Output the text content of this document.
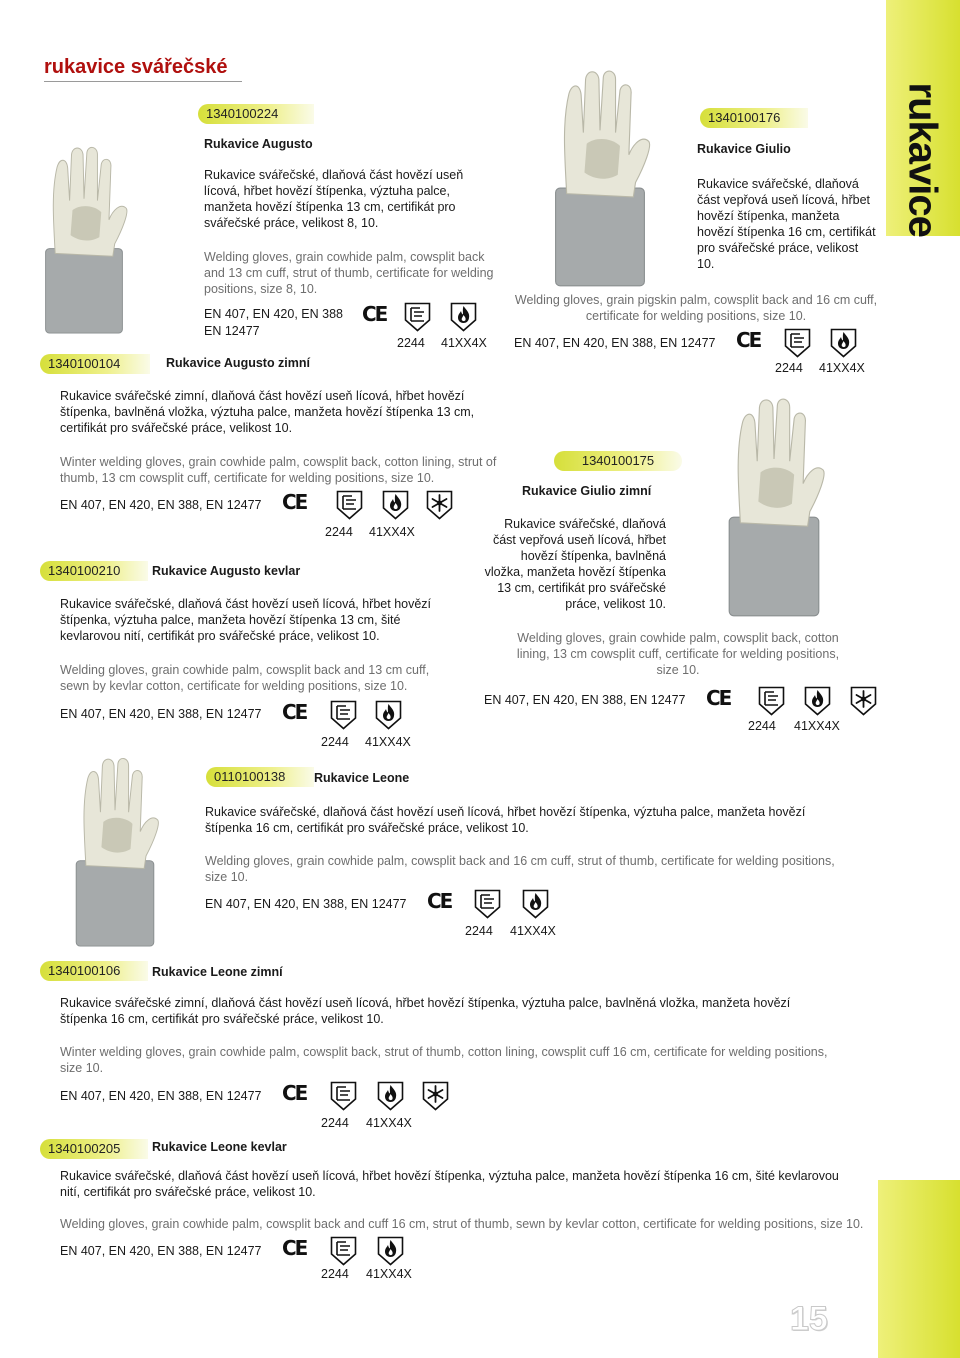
rukavice
rukavice svářečské
1340100224
Rukavice Augusto
Rukavice svářečské, dlaňová část hovězí useň lícová, hřbet hovězí štípenka, výztuha palce, manžeta hovězí štípenka 13 cm, certifikát pro svářečské práce, velikost 8, 10.
Welding gloves, grain cowhide palm, cowsplit back and 13 cm cuff, strut of thumb, certificate for welding positions, size 8, 10.
EN 407, EN 420, EN 388
EN 12477
CE
2244 41XX4X
1340100104	Rukavice Augusto zimní
Rukavice svářečské zimní, dlaňová část hovězí useň lícová, hřbet hovězí štípenka, bavlněná vložka, výztuha palce, manžeta hovězí štípenka 13 cm, certifikát pro svářečské práce, velikost 10.
Winter welding gloves, grain cowhide palm, cowsplit back, cotton lining, strut of thumb, 13 cm cowsplit cuff, certificate for welding positions, size 10.
EN 407, EN 420, EN 388, EN 12477 CE
2244 41XX4X
1340100210	Rukavice Augusto kevlar
Rukavice svářečské, dlaňová část hovězí useň lícová, hřbet hovězí štípenka, výztuha palce, manžeta hovězí štípenka 13 cm, šité kevlarovou nití, certifikát pro svářečské práce, velikost 10.
Welding gloves, grain cowhide palm, cowsplit back and 13 cm cuff, sewn by kevlar cotton, certificate for welding positions, size 10.
EN 407, EN 420, EN 388, EN 12477 CE
2244 41XX4X
1340100176
Rukavice Giulio
Rukavice svářečské, dlaňová část vepřová useň lícová, hřbet hovězí štípenka, manžeta hovězí štípenka 16 cm, certifikát pro svářečské práce, velikost 10.
Welding gloves, grain pigskin palm, cowsplit back and 16 cm cuff, certificate for welding positions, size 10.
EN 407, EN 420, EN 388, EN 12477 CE
2244 41XX4X
1340100175
Rukavice Giulio zimní
Rukavice svářečské, dlaňová část vepřová useň lícová, hřbet hovězí štípenka, bavlněná vložka, manžeta hovězí štípenka 13 cm, certifikát pro svářečské práce, velikost 10.
Welding gloves, grain cowhide palm, cowsplit back, cotton lining, 13 cm cowsplit cuff, certificate for welding positions, size 10.
EN 407, EN 420, EN 388, EN 12477 CE
2244 41XX4X
0110100138	Rukavice Leone
Rukavice svářečské, dlaňová část hovězí useň lícová, hřbet hovězí štípenka, výztuha palce, manžeta hovězí štípenka 16 cm, certifikát pro svářečské práce, velikost 10.
Welding gloves, grain cowhide palm, cowsplit back and 16 cm cuff, strut of thumb, certificate for welding positions, size 10.
EN 407, EN 420, EN 388, EN 12477 CE
2244 41XX4X
1340100106	Rukavice Leone zimní
Rukavice svářečské zimní, dlaňová část hovězí useň lícová, hřbet hovězí štípenka, výztuha palce, bavlněná vložka, manžeta hovězí štípenka 16 cm, certifikát pro svářečské práce, velikost 10.
Winter welding gloves, grain cowhide palm, cowsplit back, strut of thumb, cotton lining, cowsplit cuff 16 cm, certificate for welding positions, size 10.
EN 407, EN 420, EN 388, EN 12477 CE
2244 41XX4X
1340100205	Rukavice Leone kevlar
Rukavice svářečské, dlaňová část hovězí useň lícová, hřbet hovězí štípenka, výztuha palce, manžeta hovězí štípenka 16 cm, šité kevlarovou nití, certifikát pro svářečské práce, velikost 10.
Welding gloves, grain cowhide palm, cowsplit back and cuff 16 cm, strut of thumb, sewn by kevlar cotton, certificate for welding positions, size 10.
EN 407, EN 420, EN 388, EN 12477 CE
2244 41XX4X
15
